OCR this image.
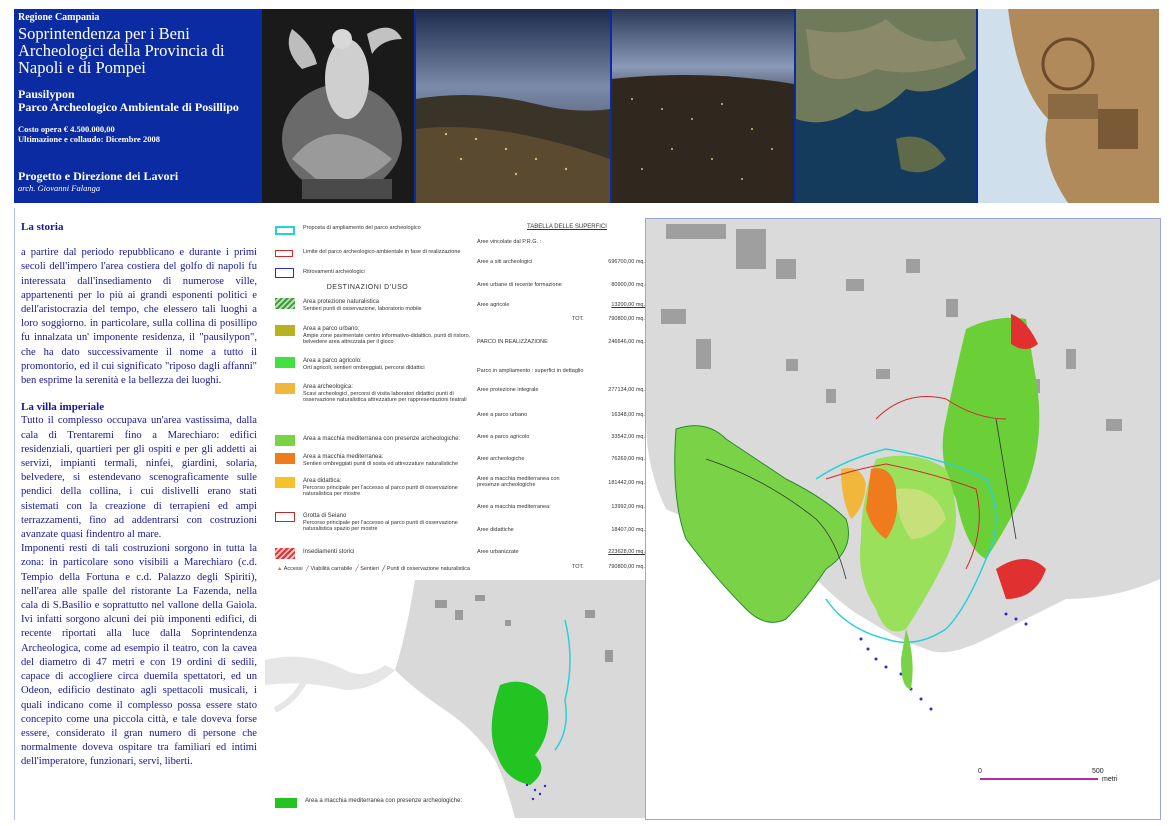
Regione Campania
Soprintendenza per i Beni Archeologici della Provincia di Napoli e di Pompei
Pausilypon
Parco Archeologico Ambientale di Posillipo
Costo opera € 4.500.000,00
Ultimazione e collaudo: Dicembre 2008
Progetto e Direzione dei Lavori
arch. Giovanni Falanga
La storia

a partire dal periodo repubblicano e durante i primi secoli dell'impero l'area costiera del golfo di napoli fu interessata dall'insediamento di numerose ville, appartenenti per lo più ai grandi esponenti politici e dell'aristocrazia del tempo, che elessero tali luoghi a loro soggiorno. in particolare, sulla collina di posillipo fu innalzata un' imponente residenza, il "pausilypon", che ha dato successivamente il nome a tutto il promontorio, ed il cui significato "riposo dagli affanni" ben esprime la serenità e la bellezza dei luoghi.

La villa imperiale

Tutto il complesso occupava un'area vastissima, dalla cala di Trentaremi fino a Marechiaro: edifici residenziali, quartieri per gli ospiti e per gli addetti ai servizi, impianti termali, ninfei, giardini, solaria, belvedere, si estendevano scenograficamente sulle pendici della collina, i cui dislivelli erano stati sistemati con la creazione di terrapieni ed ampi terrazzamenti, fino ad addentrarsi con costruzioni avanzate quasi findentro al mare.

Imponenti resti di tali costruzioni sorgono in tutta la zona: in particolare sono visibili a Marechiaro (c.d. Tempio della Fortuna e c.d. Palazzo degli Spiriti), nell'area alle spalle del ristorante La Fazenda, nella cala di S.Basilio e soprattutto nel vallone della Gaiola. Ivi infatti sorgono alcuni dei più imponenti edifici, di recente riportati alla luce dalla Soprintendenza Archeologica, come ad esempio il teatro, con la cavea del diametro di 47 metri e con 19 ordini di sedili, capace di accogliere circa duemila spettatori, ed un Odeon, edificio destinato agli spettacoli musicali, i quali indicano come il complesso possa essere stato concepito come una piccola città, e tale doveva forse essere, considerato il gran numero di persone che normalmente doveva ospitare tra familiari ed intimi dell'imperatore, funzionari, servi, liberti.

Proposta di ampliamento del parco archeologico
Limite del parco archeologico-ambientale in fase di realizzazione
Ritrovamenti archeologici
DESTINAZIONI D'USO
Area protezione naturalistica
Sentieri punti di osservazione, laboratorio mobile
Area a parco urbano:
Ampie zone pavimentate centro informativo-didattico, punti di ristoro, belvedere area attrezzata per il gioco
Area a parco agricolo:
Orti agricoli, sentieri ombreggiati, percorsi didattici
Area archeologica:
Scavi archeologici, percorsi di visita laboratori didattici punti di osservazione naturalistica attrezzature per rappresentazioni teatrali
Area a macchia mediterranea con presenze archeologiche:
Area a macchia mediterranea:
Sentieri ombreggiati punti di sosta ed attrezzature naturalistiche
Area didattica:
Percorso principale per l'accesso al parco punti di osservazione naturalistica per mostre
Grotta di Seiano
Percorso principale per l'accesso al parco punti di osservazione naturalistica spazio per mostre
Insediamenti storici
▲ Accessi ╱ Viabilità carrabile ╱ Sentieri ╱ Punti di osservazione naturalistica
TABELLA DELLE SUPERFICI
Aree vincolate dal P.R.G. :
Aree a siti archeologici	696700,00 mq.
Aree urbane di recente formazione	80900,00 mq.
Aree agricole	13200,00 mq.
TOT.	790800,00 mq.
PARCO IN REALIZZAZIONE	246646,00 mq.
Parco in ampliamento : superfici in dettaglio
Aree protezione integrale	277134,00 mq.
Aree a parco urbano	16348,00 mq.
Aree a parco agricolo	33542,00 mq.
Aree archeologiche	76269,00 mq.
Aree a macchia mediterranea con presenze archeologiche	181442,00 mq.
Aree a macchia mediterranea:	13992,00 mq.
Aree didattiche	18407,00 mq.
Aree urbanizzate	223628,00 mq.
TOT.	790800,00 mq.
Area a macchia mediterranea con presenze archeologiche:
0	500
metri
